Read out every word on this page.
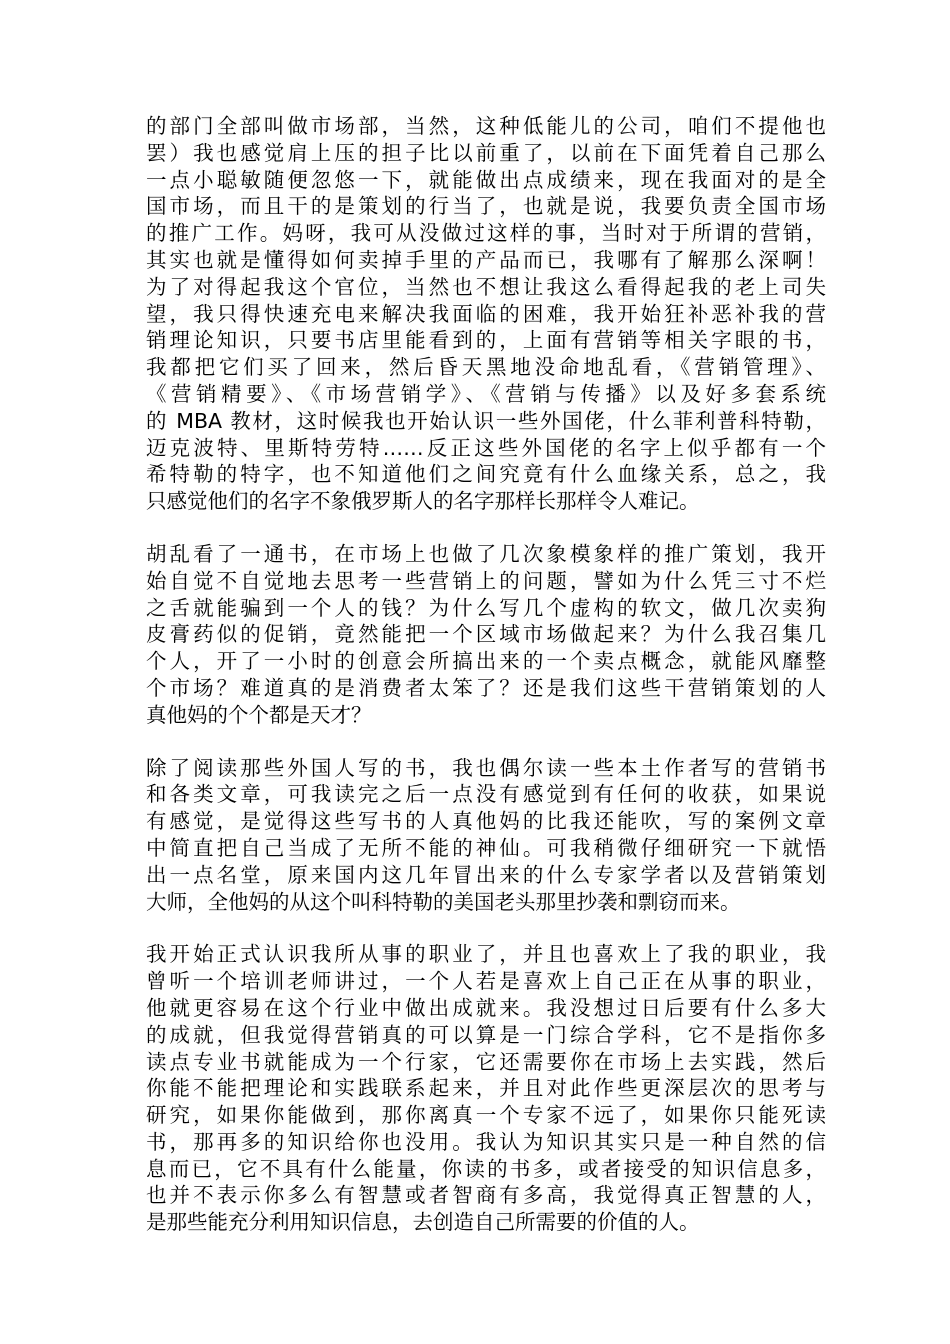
的部门全部叫做市场部，当然，这种低能儿的公司，咱们不提他也
罢）我也感觉肩上压的担子比以前重了，以前在下面凭着自己那么
一点小聪敏随便忽悠一下，就能做出点成绩来，现在我面对的是全
国市场，而且干的是策划的行当了，也就是说，我要负责全国市场
的推广工作。妈呀，我可从没做过这样的事，当时对于所谓的营销，
其实也就是懂得如何卖掉手里的产品而已，我哪有了解那么深啊！
为了对得起我这个官位，当然也不想让我这么看得起我的老上司失
望，我只得快速充电来解决我面临的困难，我开始狂补恶补我的营
销理论知识，只要书店里能看到的，上面有营销等相关字眼的书，
我都把它们买了回来，然后昏天黑地没命地乱看，《营销管理》、
《营销精要》、《市场营销学》、《营销与传播》以及好多套系统
的 MBA 教材，这时候我也开始认识一些外国佬，什么菲利普科特勒，
迈克波特、里斯特劳特……反正这些外国佬的名字上似乎都有一个
希特勒的特字，也不知道他们之间究竟有什么血缘关系，总之，我
只感觉他们的名字不象俄罗斯人的名字那样长那样令人难记。
胡乱看了一通书，在市场上也做了几次象模象样的推广策划，我开
始自觉不自觉地去思考一些营销上的问题，譬如为什么凭三寸不烂
之舌就能骗到一个人的钱？为什么写几个虚构的软文，做几次卖狗
皮膏药似的促销，竟然能把一个区域市场做起来？为什么我召集几
个人，开了一小时的创意会所搞出来的一个卖点概念，就能风靡整
个市场？难道真的是消费者太笨了？还是我们这些干营销策划的人
真他妈的个个都是天才？
除了阅读那些外国人写的书，我也偶尔读一些本土作者写的营销书
和各类文章，可我读完之后一点没有感觉到有任何的收获，如果说
有感觉，是觉得这些写书的人真他妈的比我还能吹，写的案例文章
中简直把自己当成了无所不能的神仙。可我稍微仔细研究一下就悟
出一点名堂，原来国内这几年冒出来的什么专家学者以及营销策划
大师，全他妈的从这个叫科特勒的美国老头那里抄袭和剽窃而来。
我开始正式认识我所从事的职业了，并且也喜欢上了我的职业，我
曾听一个培训老师讲过，一个人若是喜欢上自己正在从事的职业，
他就更容易在这个行业中做出成就来。我没想过日后要有什么多大
的成就，但我觉得营销真的可以算是一门综合学科，它不是指你多
读点专业书就能成为一个行家，它还需要你在市场上去实践，然后
你能不能把理论和实践联系起来，并且对此作些更深层次的思考与
研究，如果你能做到，那你离真一个专家不远了，如果你只能死读
书，那再多的知识给你也没用。我认为知识其实只是一种自然的信
息而已，它不具有什么能量，你读的书多，或者接受的知识信息多，
也并不表示你多么有智慧或者智商有多高，我觉得真正智慧的人，
是那些能充分利用知识信息，去创造自己所需要的价值的人。
